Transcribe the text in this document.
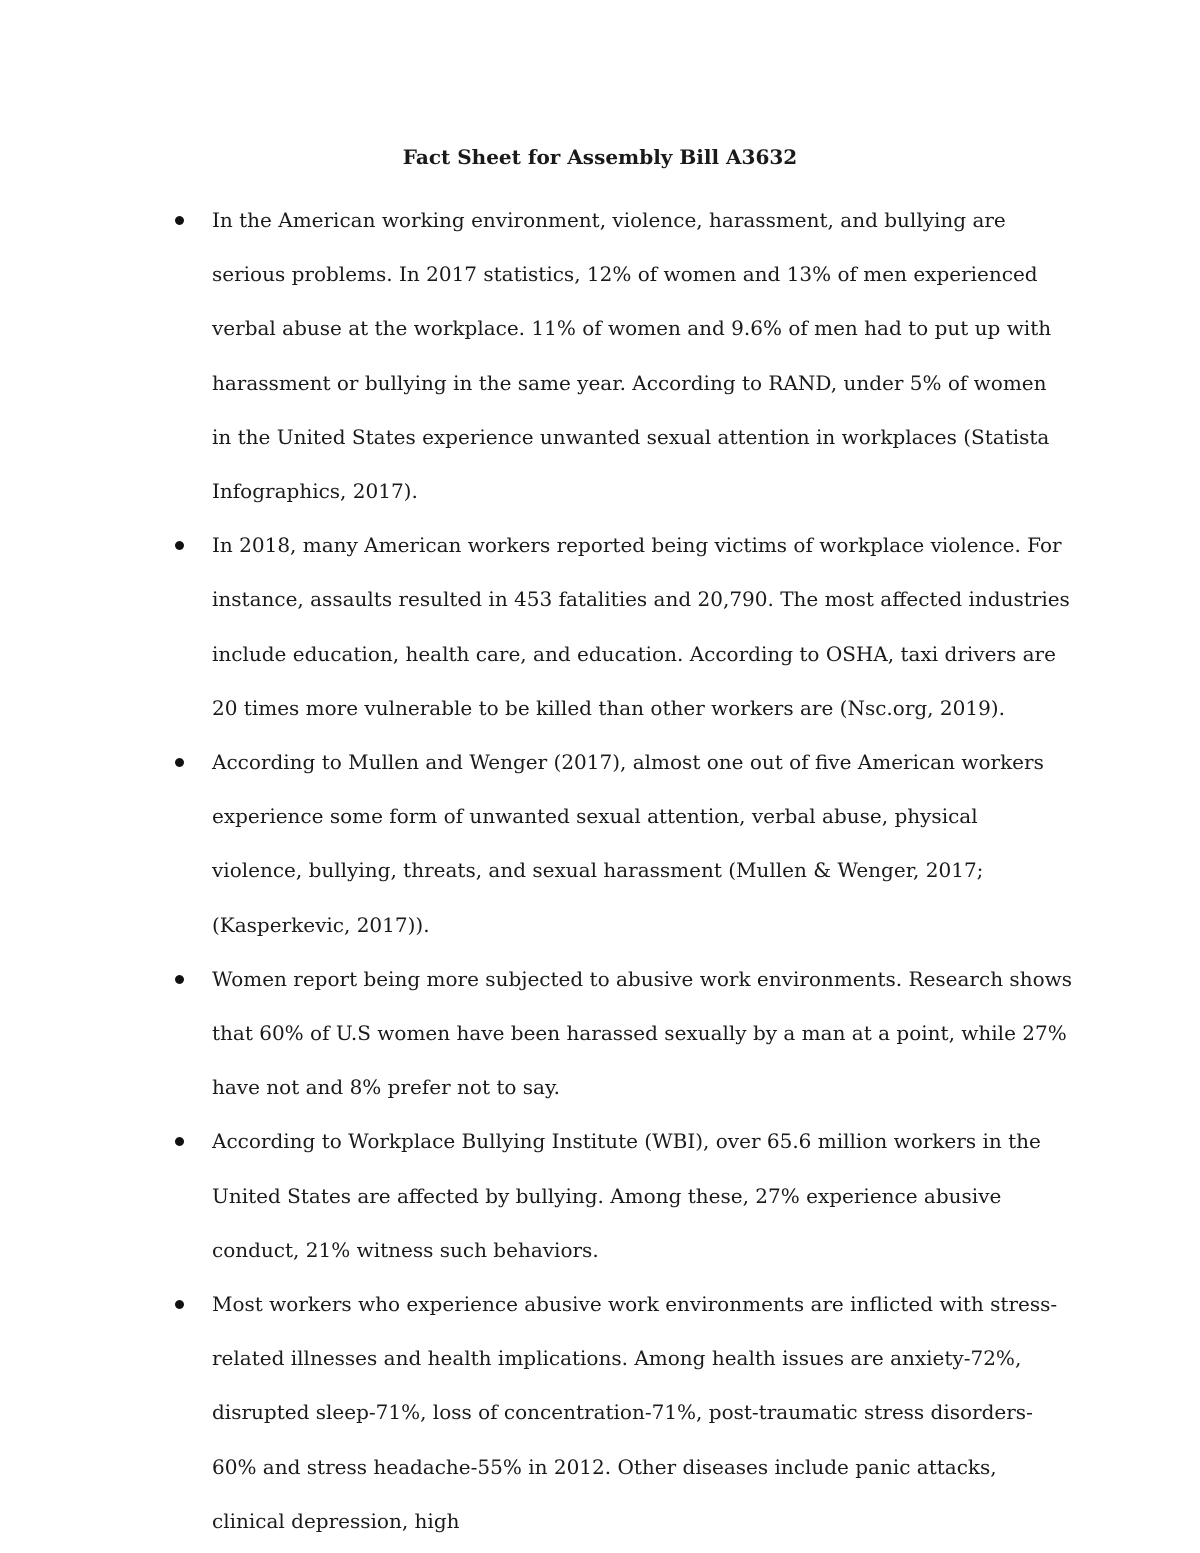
Fact Sheet for Assembly Bill A3632
In the American working environment, violence, harassment, and bullying are serious problems. In 2017 statistics, 12% of women and 13% of men experienced verbal abuse at the workplace. 11% of women and 9.6% of men had to put up with harassment or bullying in the same year. According to RAND, under 5% of women in the United States experience unwanted sexual attention in workplaces (Statista Infographics, 2017).
In 2018, many American workers reported being victims of workplace violence. For instance, assaults resulted in 453 fatalities and 20,790. The most affected industries include education, health care, and education. According to OSHA, taxi drivers are 20 times more vulnerable to be killed than other workers are (Nsc.org, 2019).
According to Mullen and Wenger (2017), almost one out of five American workers experience some form of unwanted sexual attention, verbal abuse, physical violence, bullying, threats, and sexual harassment (Mullen & Wenger, 2017; (Kasperkevic, 2017)).
Women report being more subjected to abusive work environments. Research shows that 60% of U.S women have been harassed sexually by a man at a point, while 27% have not and 8% prefer not to say.
According to Workplace Bullying Institute (WBI), over 65.6 million workers in the United States are affected by bullying. Among these, 27% experience abusive conduct, 21% witness such behaviors.
Most workers who experience abusive work environments are inflicted with stress-related illnesses and health implications. Among health issues are anxiety-72%, disrupted sleep-71%, loss of concentration-71%, post-traumatic stress disorders-60% and stress headache-55% in 2012. Other diseases include panic attacks, clinical depression, high
